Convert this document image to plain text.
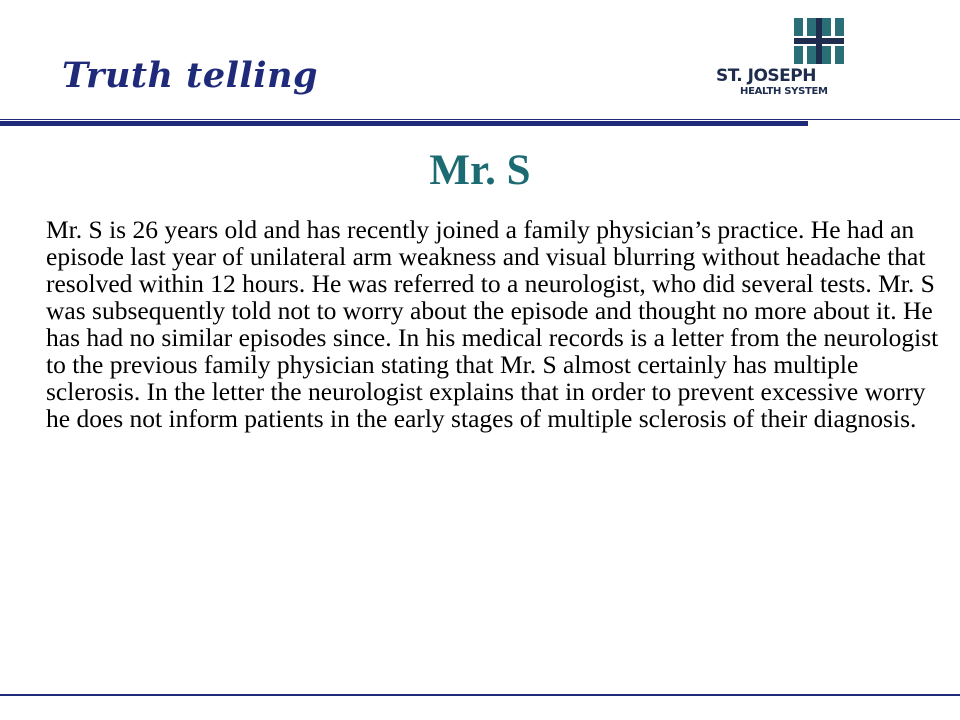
Truth telling	ST. JOSEPH
HEALTH SYSTEM
Mr. S

Mr. S is 26 years old and has recently joined a family physician’s practice. He had an episode last year of unilateral arm weakness and visual blurring without headache that resolved within 12 hours. He was referred to a neurologist, who did several tests. Mr. S was subsequently told not to worry about the episode and thought no more about it. He has had no similar episodes since. In his medical records is a letter from the neurologist to the previous family physician stating that Mr. S almost certainly has multiple sclerosis. In the letter the neurologist explains that in order to prevent excessive worry he does not inform patients in the early stages of multiple sclerosis of their diagnosis.
